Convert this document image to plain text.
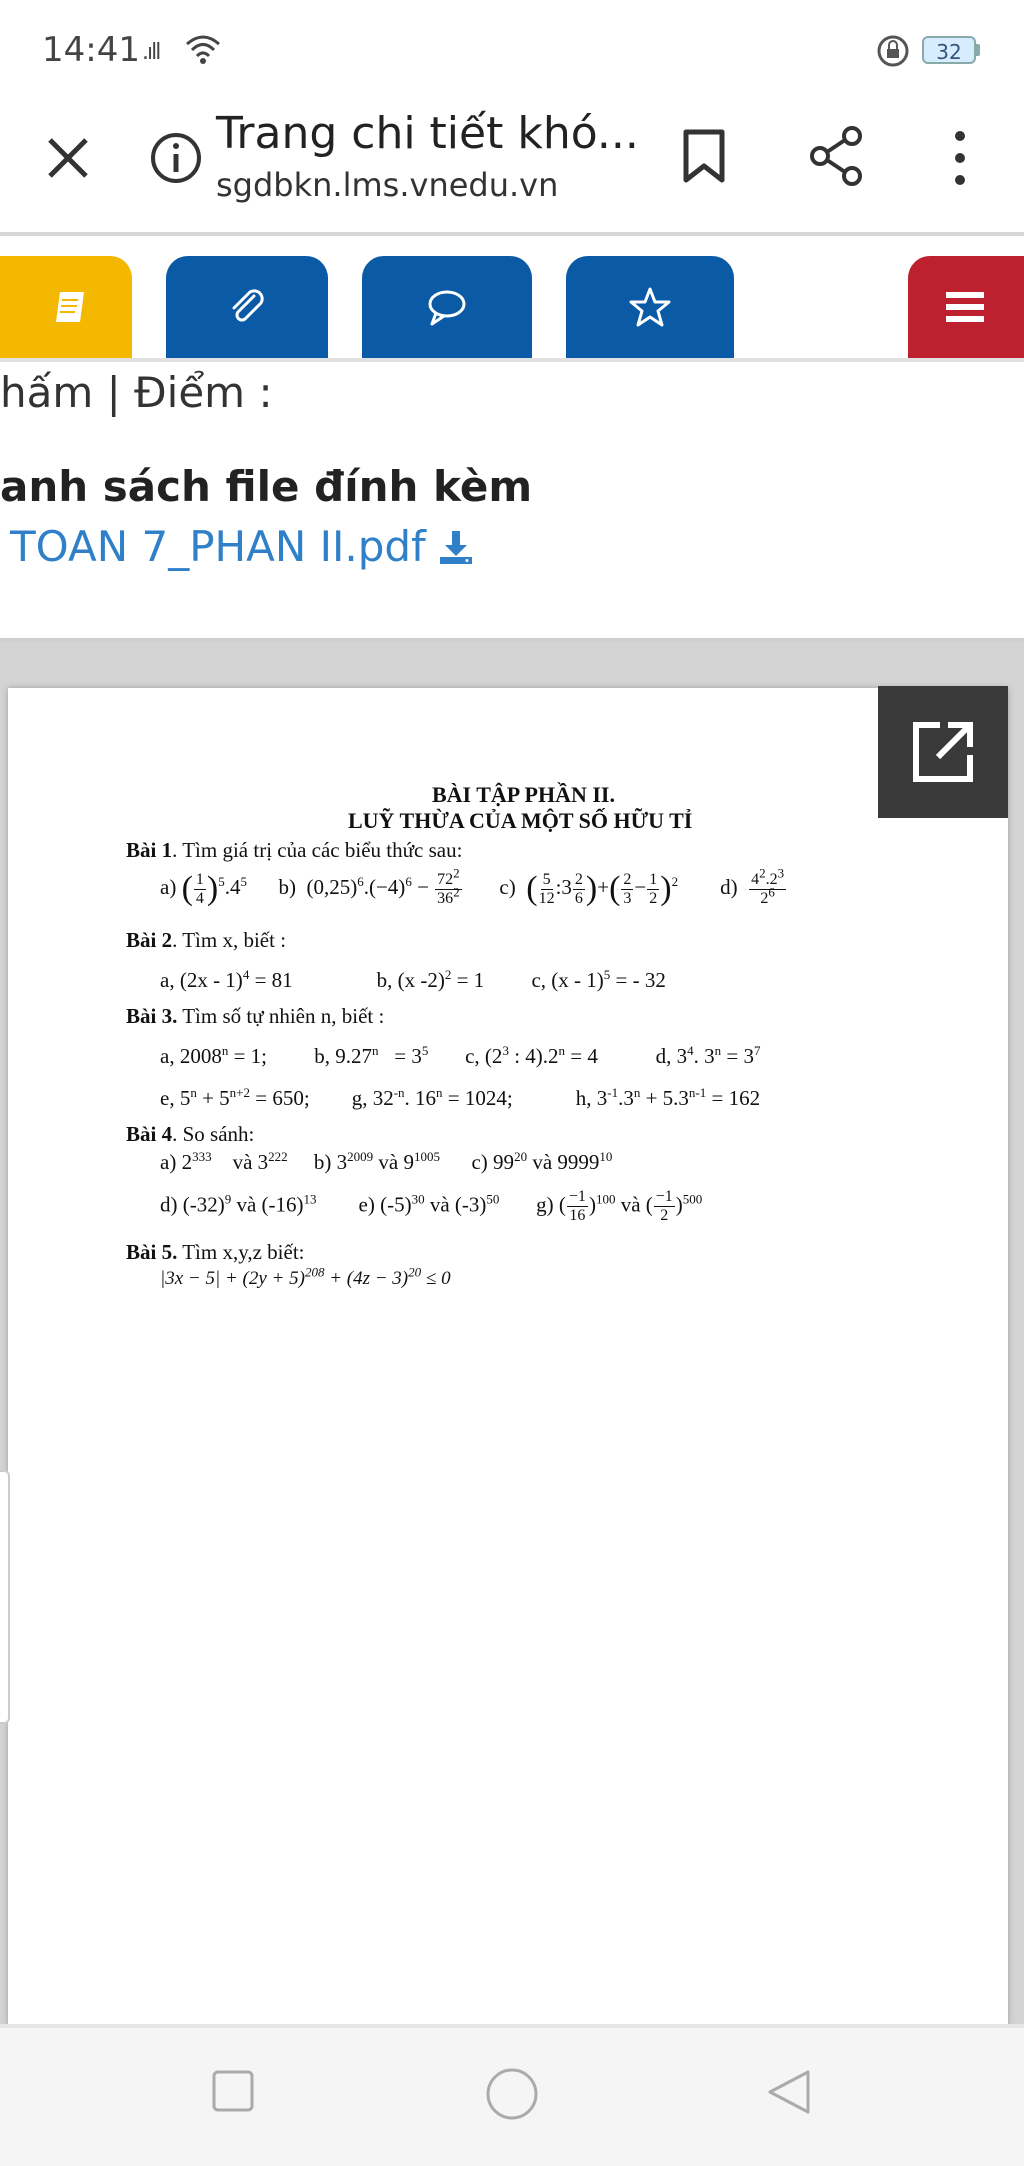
14:41 .ıll	32
Trang chi tiết khó...
sgdbkn.lms.vnedu.vn
hấm | Điểm :
anh sách file đính kèm
TOAN 7_PHAN II.pdf
BÀI TẬP PHẦN II.
LUỸ THỪA CỦA MỘT SỐ HỮU TỈ
Bài 1. Tìm giá trị của các biểu thức sau:
a) ( $\frac{1}{4} )^5.4^5$      b)  $(0,25)^6.(-4)^6 - \frac{72^2}{36^2} c$)  ( $\frac{5}{12}$ :3 $\frac{2}{6}$ )+( $\frac{2}{3} - \frac{1}{2} )^2$        $d) \frac{4^2.2^3}{2^6}$
Bài 2. Tìm x, biết :
a, (2x - 1)$^4$ = 81                b, (x -2)$^2$ = 1         c, (x - 1)$^5$ = - 32
Bài 3. Tìm số tự nhiên n, biết :
a, $2008^n = 1$;         b, $9.27^n = 3^5$       c, ($2^3$ : $4).2^n = 4$           d, $3^4$. $3^n = 3^7$
e, $5^n + 5^{n+2} = 650$;        g, $32^{-n}$. $16^n = 1024$;            h, $3^{-1}.3^n + 5.3^{n-1} = 162$
Bài 4. So sánh:
a) $2^{333}$    và $3^{222}$     b) $3^{2009}$ và $9^{1005}$      c) $99^{20}$ và 9999$^{10}$
d) $(-32)^9$ và $(-16)^{13}$        e) $(-5)^{30}$ và $(-3)^{50}$       g) ( $\frac{-1}{16} )^{100}$ và ( $\frac{-1}{2} )^{500}$
Bài 5. Tìm x,y,z biết:
$|3x - 5| + (2y + 5)^{208} + (4z - 3)^{20} \le 0$
